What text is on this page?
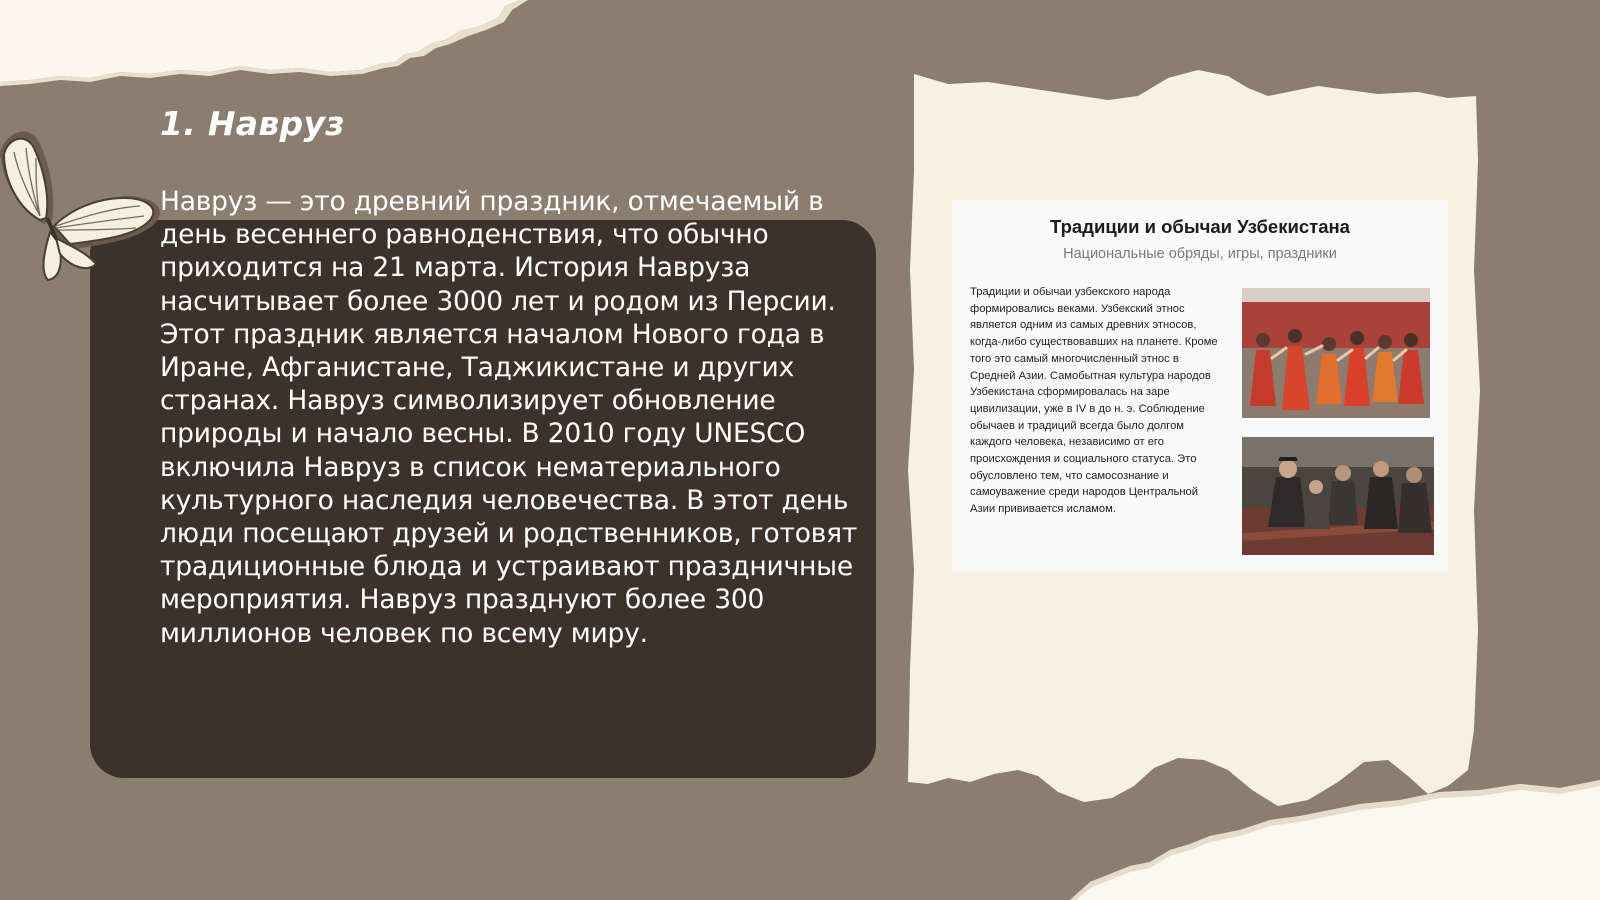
1. Навруз

Навруз — это древний праздник, отмечаемый в день весеннего равноденствия, что обычно приходится на 21 марта. История Навруза насчитывает более 3000 лет и родом из Персии. Этот праздник является началом Нового года в Иране, Афганистане, Таджикистане и других странах. Навруз символизирует обновление природы и начало весны. В 2010 году UNESCO включила Навруз в список нематериального культурного наследия человечества. В этот день люди посещают друзей и родственников, готовят традиционные блюда и устраивают праздничные мероприятия. Навруз празднуют более 300 миллионов человек по всему миру.

Традиции и обычаи Узбекистана

Национальные обряды, игры, праздники

Традиции и обычаи узбекского народа формировались веками. Узбекский этнос является одним из самых древних этносов, когда-либо существовавших на планете. Кроме того это самый многочисленный этнос в Средней Азии. Самобытная культура народов Узбекистана сформировалась на заре цивилизации, уже в IV в до н. э. Соблюдение обычаев и традиций всегда было долгом каждого человека, независимо от его происхождения и социального статуса. Это обусловлено тем, что самосознание и самоуважение среди народов Центральной Азии прививается исламом.
